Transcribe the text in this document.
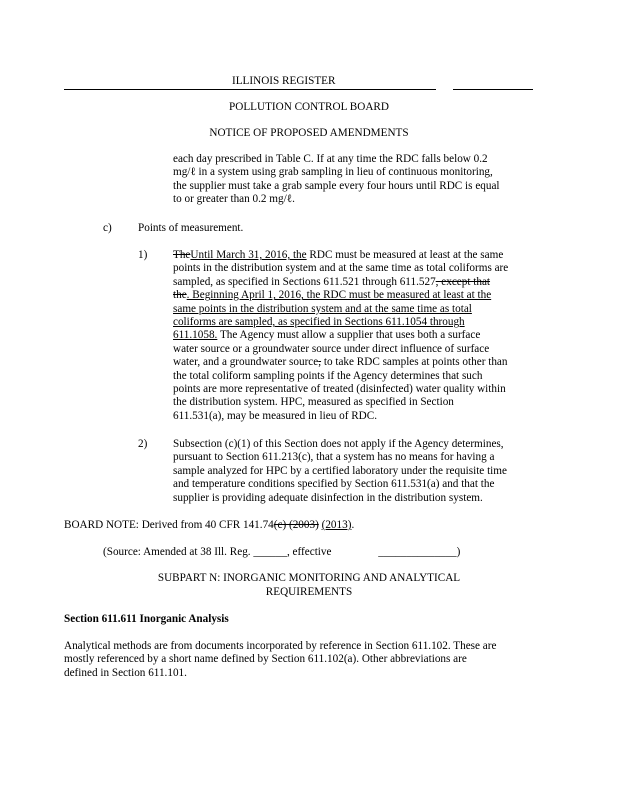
ILLINOIS REGISTER
POLLUTION CONTROL BOARD
NOTICE OF PROPOSED AMENDMENTS
each day prescribed in Table C. If at any time the RDC falls below 0.2
mg/ℓ in a system using grab sampling in lieu of continuous monitoring,
the supplier must take a grab sample every four hours until RDC is equal
to or greater than 0.2 mg/ℓ.
c) Points of measurement.
1) TheUntil March 31, 2016, the RDC must be measured at least at the same
points in the distribution system and at the same time as total coliforms are
sampled, as specified in Sections 611.521 through 611.527, except that
the. Beginning April 1, 2016, the RDC must be measured at least at the
same points in the distribution system and at the same time as total
coliforms are sampled, as specified in Sections 611.1054 through
611.1058. The Agency must allow a supplier that uses both a surface
water source or a groundwater source under direct influence of surface
water, and a groundwater source, to take RDC samples at points other than
the total coliform sampling points if the Agency determines that such
points are more representative of treated (disinfected) water quality within
the distribution system. HPC, measured as specified in Section
611.531(a), may be measured in lieu of RDC.
2) Subsection (c)(1) of this Section does not apply if the Agency determines,
pursuant to Section 611.213(c), that a system has no means for having a
sample analyzed for HPC by a certified laboratory under the requisite time
and temperature conditions specified by Section 611.531(a) and that the
supplier is providing adequate disinfection in the distribution system.
BOARD NOTE: Derived from 40 CFR 141.74(c) (2003) (2013).
(Source: Amended at 38 Ill. Reg. ______, effective	______________)
SUBPART N: INORGANIC MONITORING AND ANALYTICAL
REQUIREMENTS
Section 611.611 Inorganic Analysis
Analytical methods are from documents incorporated by reference in Section 611.102. These are
mostly referenced by a short name defined by Section 611.102(a). Other abbreviations are
defined in Section 611.101.
